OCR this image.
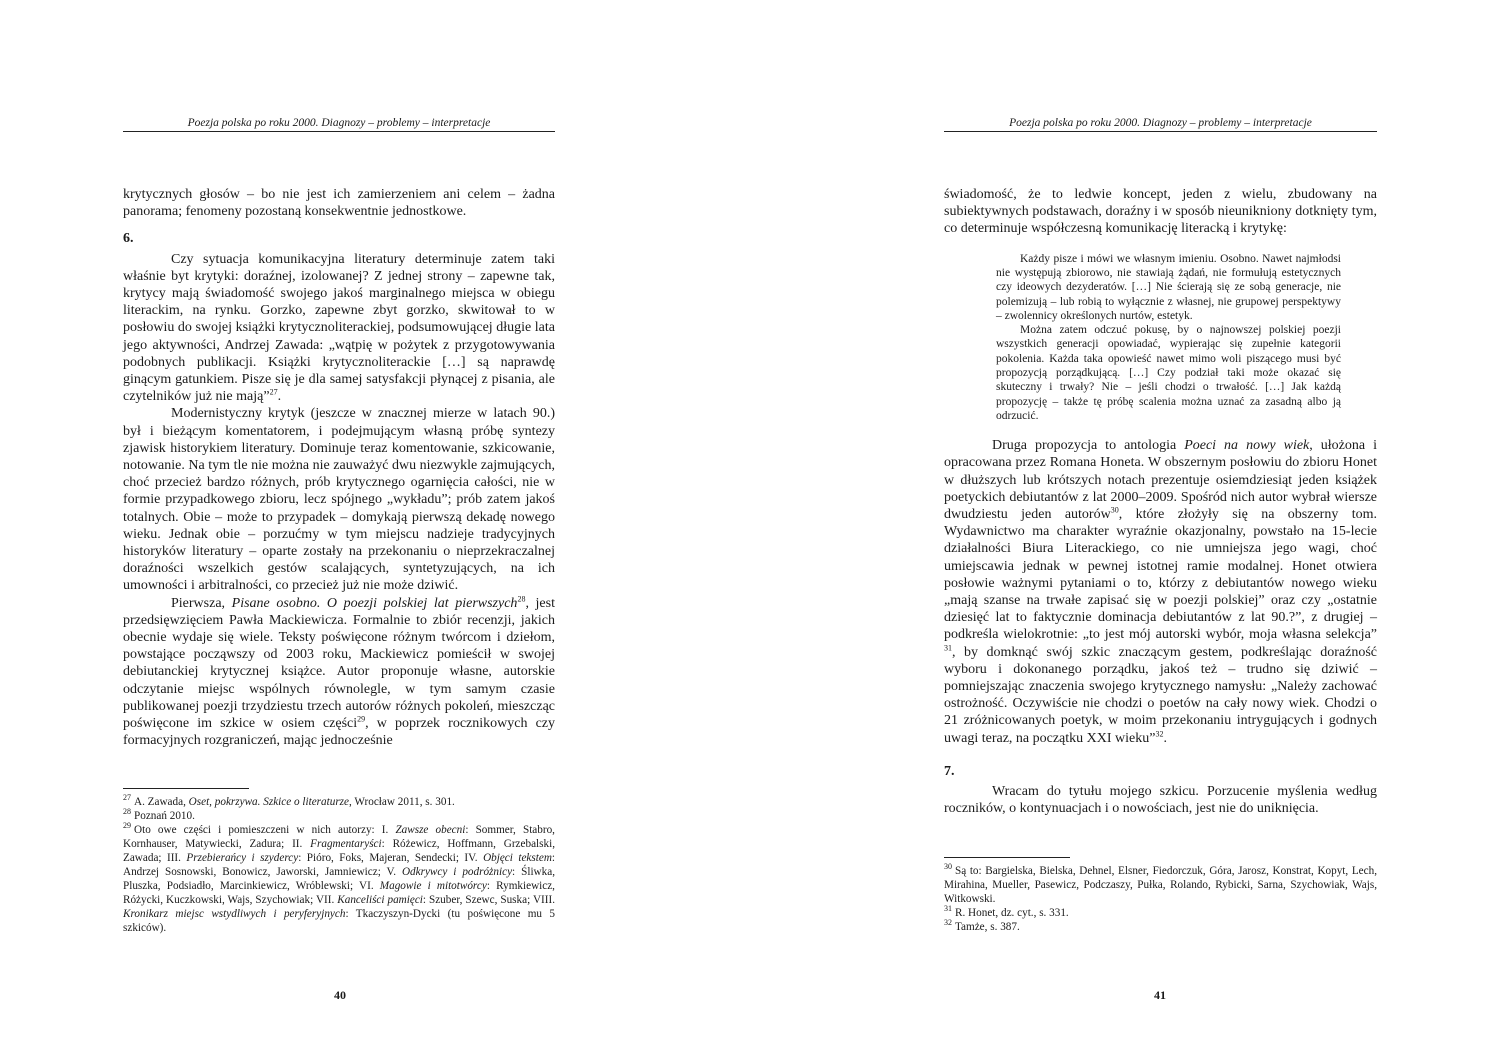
Poezja polska po roku 2000. Diagnozy – problemy – interpretacje

krytycznych głosów – bo nie jest ich zamierzeniem ani celem – żadna panorama; fenomeny pozostaną konsekwentnie jednostkowe.

6.

Czy sytuacja komunikacyjna literatury determinuje zatem taki właśnie byt krytyki: doraźnej, izolowanej? Z jednej strony – zapewne tak, krytycy mają świadomość swojego jakoś marginalnego miejsca w obiegu literackim, na rynku. Gorzko, zapewne zbyt gorzko, skwitował to w posłowiu do swojej książki krytycznoliterackiej, podsumowującej długie lata jego aktywności, Andrzej Zawada: „wątpię w pożytek z przygotowywania podobnych publikacji. Książki krytycznoliterackie […] są naprawdę ginącym gatunkiem. Pisze się je dla samej satysfakcji płynącej z pisania, ale czytelników już nie mają”$^{27}$.

Modernistyczny krytyk (jeszcze w znacznej mierze w latach 90.) był i bieżącym komentatorem, i podejmującym własną próbę syntezy zjawisk historykiem literatury. Dominuje teraz komentowanie, szkicowanie, notowanie. Na tym tle nie można nie zauważyć dwu niezwykle zajmujących, choć przecież bardzo różnych, prób krytycznego ogarnięcia całości, nie w formie przypadkowego zbioru, lecz spójnego „wykładu”; prób zatem jakoś totalnych. Obie – może to przypadek – domykają pierwszą dekadę nowego wieku. Jednak obie – porzućmy w tym miejscu nadzieje tradycyjnych historyków literatury – oparte zostały na przekonaniu o nieprzekraczalnej doraźności wszelkich gestów scalających, syntetyzujących, na ich umowności i arbitralności, co przecież już nie może dziwić.

Pierwsza, Pisane osobno. O poezji polskiej lat pierwszych$^{28}$, jest przedsięwzięciem Pawła Mackiewicza. Formalnie to zbiór recenzji, jakich obecnie wydaje się wiele. Teksty poświęcone różnym twórcom i dziełom, powstające począwszy od 2003 roku, Mackiewicz pomieścił w swojej debiutanckiej krytycznej książce. Autor proponuje własne, autorskie odczytanie miejsc wspólnych równolegle, w tym samym czasie publikowanej poezji trzydziestu trzech autorów różnych pokoleń, mieszcząc poświęcone im szkice w osiem części$^{29}$, w poprzek rocznikowych czy formacyjnych rozgraniczeń, mając jednocześnie

$^{27}$ A. Zawada, Oset, pokrzywa. Szkice o literaturze, Wrocław 2011, s. 301.

$^{28}$ Poznań 2010.

$^{29}$ Oto owe części i pomieszczeni w nich autorzy: I. Zawsze obecni: Sommer, Stabro, Kornhauser, Matywiecki, Zadura; II. Fragmentaryści: Różewicz, Hoffmann, Grzebalski, Zawada; III. Przebierańcy i szydercy: Pióro, Foks, Majeran, Sendecki; IV. Objęci tekstem: Andrzej Sosnowski, Bonowicz, Jaworski, Jamniewicz; V. Odkrywcy i podróżnicy: Śliwka, Pluszka, Podsiadło, Marcinkiewicz, Wróblewski; VI. Magowie i mitotwórcy: Rymkiewicz, Różycki, Kuczkowski, Wajs, Szychowiak; VII. Kanceliści pamięci: Szuber, Szewc, Suska; VIII. Kronikarz miejsc wstydliwych i peryferyjnych: Tkaczyszyn-Dycki (tu poświęcone mu 5 szkiców).

40
Poezja polska po roku 2000. Diagnozy – problemy – interpretacje

świadomość, że to ledwie koncept, jeden z wielu, zbudowany na subiektywnych podstawach, doraźny i w sposób nieunikniony dotknięty tym, co determinuje współczesną komunikację literacką i krytykę:

Każdy pisze i mówi we własnym imieniu. Osobno. Nawet najmłodsi nie występują zbiorowo, nie stawiają żądań, nie formułują estetycznych czy ideowych dezyderatów. […] Nie ścierają się ze sobą generacje, nie polemizują – lub robią to wyłącznie z własnej, nie grupowej perspektywy – zwolennicy określonych nurtów, estetyk.

Można zatem odczuć pokusę, by o najnowszej polskiej poezji wszystkich generacji opowiadać, wypierając się zupełnie kategorii pokolenia. Każda taka opowieść nawet mimo woli piszącego musi być propozycją porządkującą. […] Czy podział taki może okazać się skuteczny i trwały? Nie – jeśli chodzi o trwałość. […] Jak każdą propozycję – także tę próbę scalenia można uznać za zasadną albo ją odrzucić.

Druga propozycja to antologia Poeci na nowy wiek, ułożona i opracowana przez Romana Honeta. W obszernym posłowiu do zbioru Honet w dłuższych lub krótszych notach prezentuje osiemdziesiąt jeden książek poetyckich debiutantów z lat 2000–2009. Spośród nich autor wybrał wiersze dwudziestu jeden autorów$^{30}$, które złożyły się na obszerny tom. Wydawnictwo ma charakter wyraźnie okazjonalny, powstało na 15-lecie działalności Biura Literackiego, co nie umniejsza jego wagi, choć umiejscawia jednak w pewnej istotnej ramie modalnej. Honet otwiera posłowie ważnymi pytaniami o to, którzy z debiutantów nowego wieku „mają szanse na trwałe zapisać się w poezji polskiej” oraz czy „ostatnie dziesięć lat to faktycznie dominacja debiutantów z lat 90.?”, z drugiej – podkreśla wielokrotnie: „to jest mój autorski wybór, moja własna selekcja” $^{31}$, by domknąć swój szkic znaczącym gestem, podkreślając doraźność wyboru i dokonanego porządku, jakoś też – trudno się dziwić – pomniejszając znaczenia swojego krytycznego namysłu: „Należy zachować ostrożność. Oczywiście nie chodzi o poetów na cały nowy wiek. Chodzi o 21 zróżnicowanych poetyk, w moim przekonaniu intrygujących i godnych uwagi teraz, na początku XXI wieku”$^{32}$.

7.

Wracam do tytułu mojego szkicu. Porzucenie myślenia według roczników, o kontynuacjach i o nowościach, jest nie do uniknięcia.

$^{30}$ Są to: Bargielska, Bielska, Dehnel, Elsner, Fiedorczuk, Góra, Jarosz, Konstrat, Kopyt, Lech, Mirahina, Mueller, Pasewicz, Podczaszy, Pułka, Rolando, Rybicki, Sarna, Szychowiak, Wajs, Witkowski.

$^{31}$ R. Honet, dz. cyt., s. 331.

$^{32}$ Tamże, s. 387.

41
